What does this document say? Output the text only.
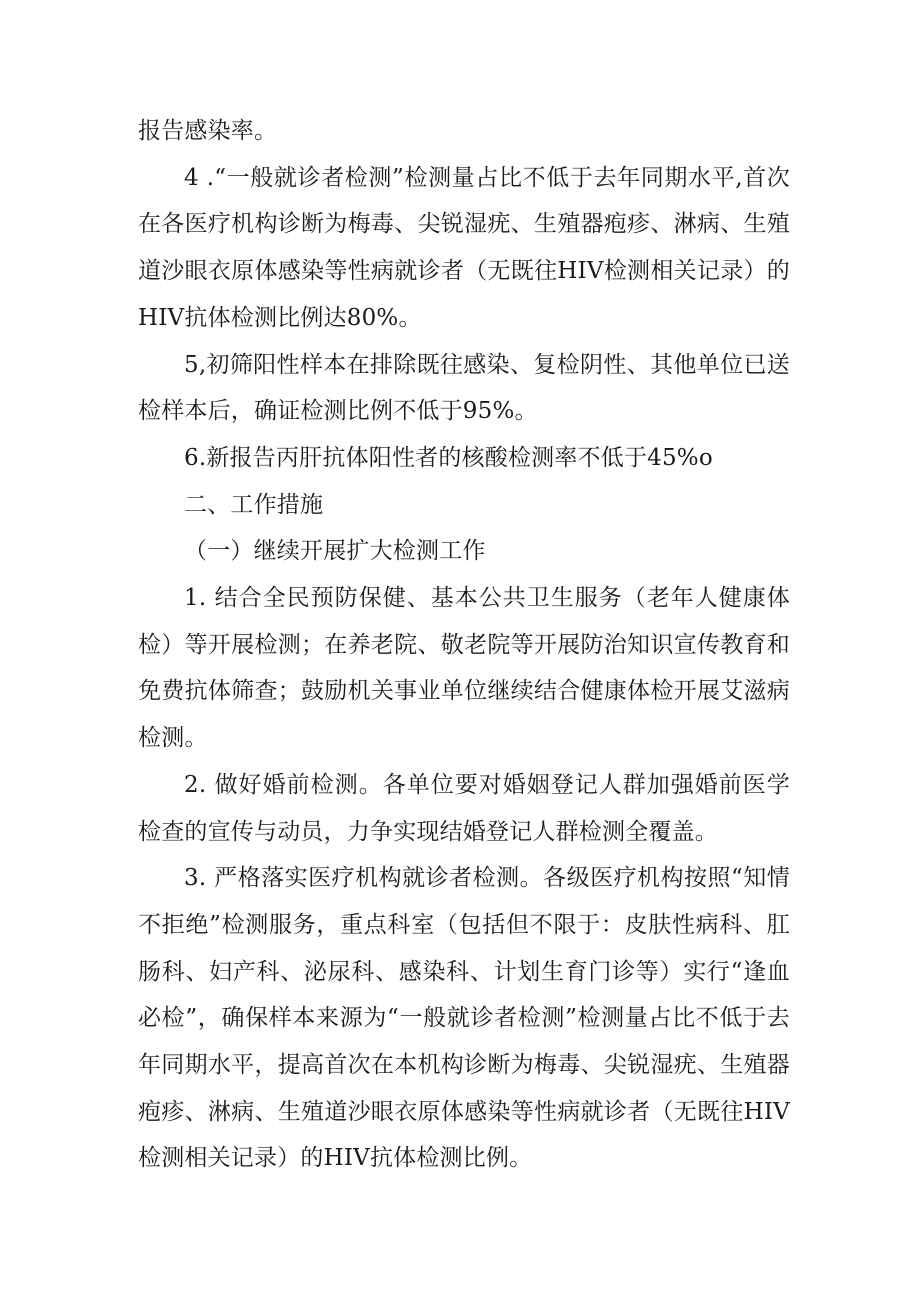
报告感染率。

4 .“一般就诊者检测”检测量占比不低于去年同期水平,首次在各医疗机构诊断为梅毒、尖锐湿疣、生殖器疱疹、淋病、生殖道沙眼衣原体感染等性病就诊者（无既往HIV检测相关记录）的HIV抗体检测比例达80%。

5,初筛阳性样本在排除既往感染、复检阴性、其他单位已送检样本后，确证检测比例不低于95%。

6.新报告丙肝抗体阳性者的核酸检测率不低于45%o

二、工作措施

（一）继续开展扩大检测工作

1. 结合全民预防保健、基本公共卫生服务（老年人健康体检）等开展检测；在养老院、敬老院等开展防治知识宣传教育和免费抗体筛查；鼓励机关事业单位继续结合健康体检开展艾滋病检测。

2. 做好婚前检测。各单位要对婚姻登记人群加强婚前医学检查的宣传与动员，力争实现结婚登记人群检测全覆盖。

3. 严格落实医疗机构就诊者检测。各级医疗机构按照“知情不拒绝”检测服务，重点科室（包括但不限于：皮肤性病科、肛肠科、妇产科、泌尿科、感染科、计划生育门诊等）实行“逢血必检”，确保样本来源为“一般就诊者检测”检测量占比不低于去年同期水平，提高首次在本机构诊断为梅毒、尖锐湿疣、生殖器疱疹、淋病、生殖道沙眼衣原体感染等性病就诊者（无既往HIV检测相关记录）的HIV抗体检测比例。
